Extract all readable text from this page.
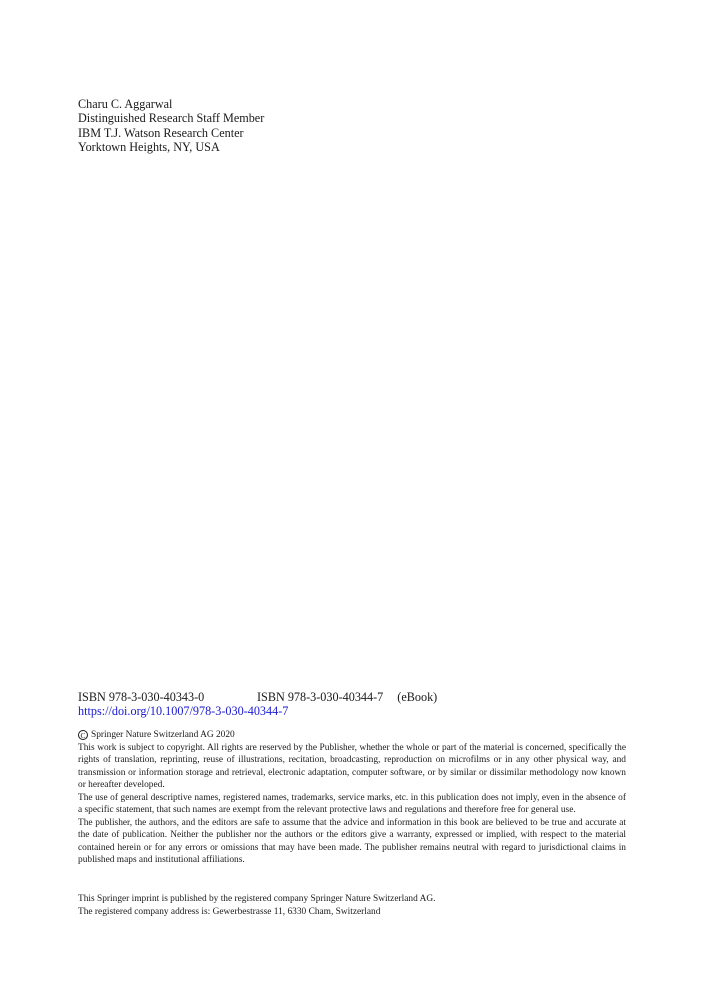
Charu C. Aggarwal
Distinguished Research Staff Member
IBM T.J. Watson Research Center
Yorktown Heights, NY, USA
ISBN 978-3-030-40343-0	ISBN 978-3-030-40344-7 (eBook)
https://doi.org/10.1007/978-3-030-40344-7

C Springer Nature Switzerland AG 2020

This work is subject to copyright. All rights are reserved by the Publisher, whether the whole or part of the material is concerned, specifically the rights of translation, reprinting, reuse of illustrations, recitation, broadcasting, reproduction on microfilms or in any other physical way, and transmission or information storage and retrieval, electronic adaptation, computer software, or by similar or dissimilar methodology now known or hereafter developed.

The use of general descriptive names, registered names, trademarks, service marks, etc. in this publication does not imply, even in the absence of a specific statement, that such names are exempt from the relevant protective laws and regulations and therefore free for general use.

The publisher, the authors, and the editors are safe to assume that the advice and information in this book are believed to be true and accurate at the date of publication. Neither the publisher nor the authors or the editors give a warranty, expressed or implied, with respect to the material contained herein or for any errors or omissions that may have been made. The publisher remains neutral with regard to jurisdictional claims in published maps and institutional affiliations.

This Springer imprint is published by the registered company Springer Nature Switzerland AG.
The registered company address is: Gewerbestrasse 11, 6330 Cham, Switzerland
